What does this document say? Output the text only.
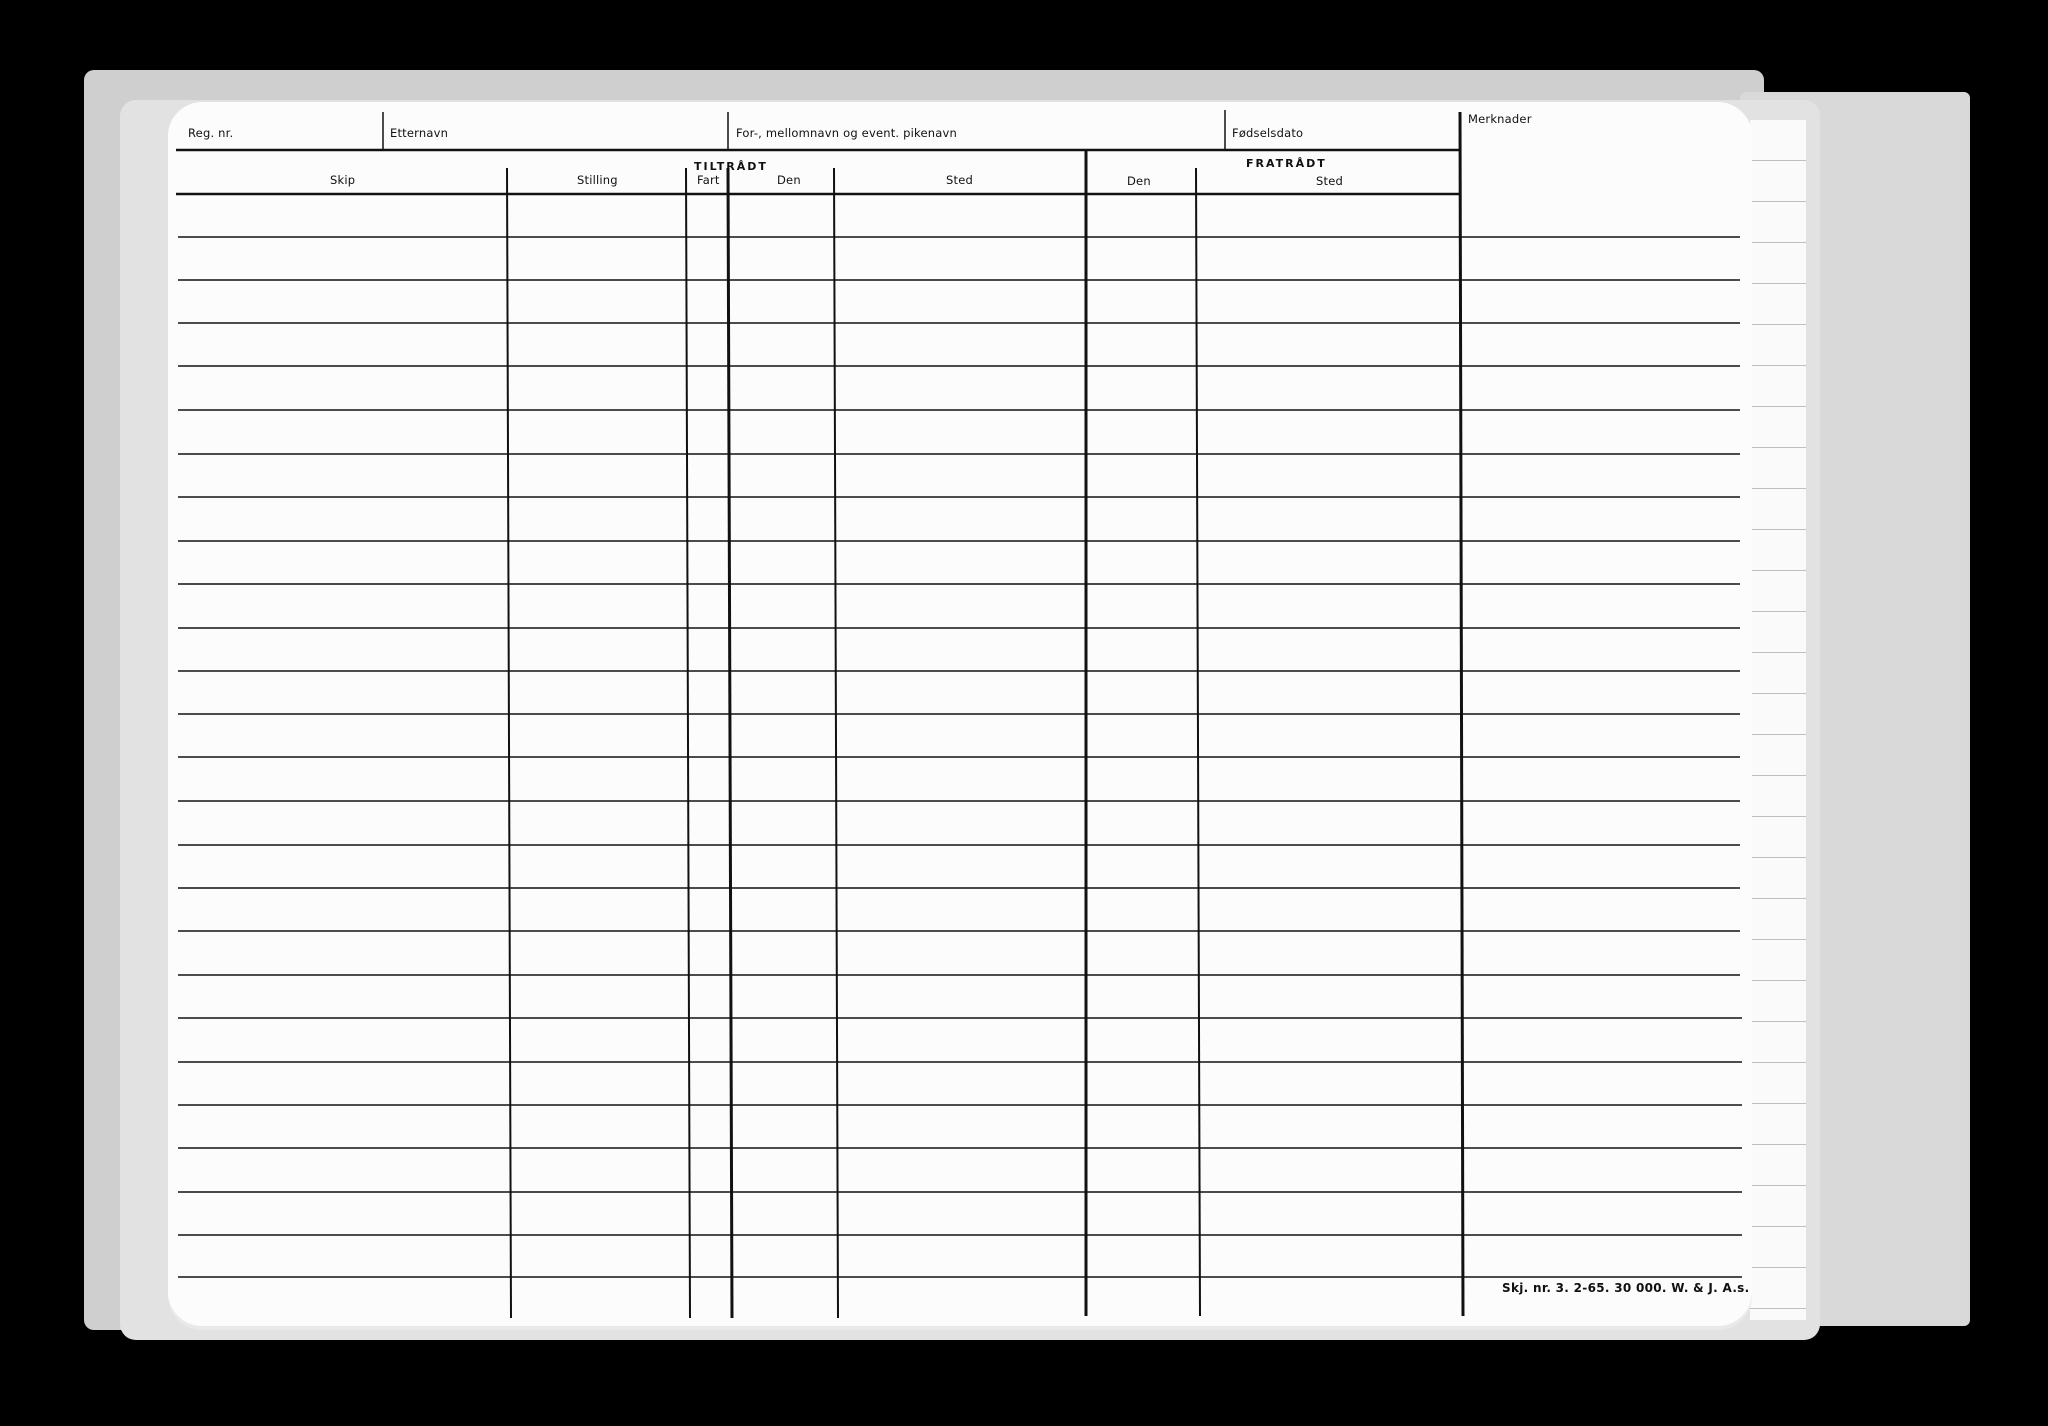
Reg. nr.	Etternavn	For-, mellomnavn og event. pikenavn	Fødselsdato
Merknader
TILTRÅDT	FRATRÅDT
Skip	Stilling	Fart	Den	Sted	Den	Sted
Skj. nr. 3. 2-65. 30 000. W. & J. A.s.
